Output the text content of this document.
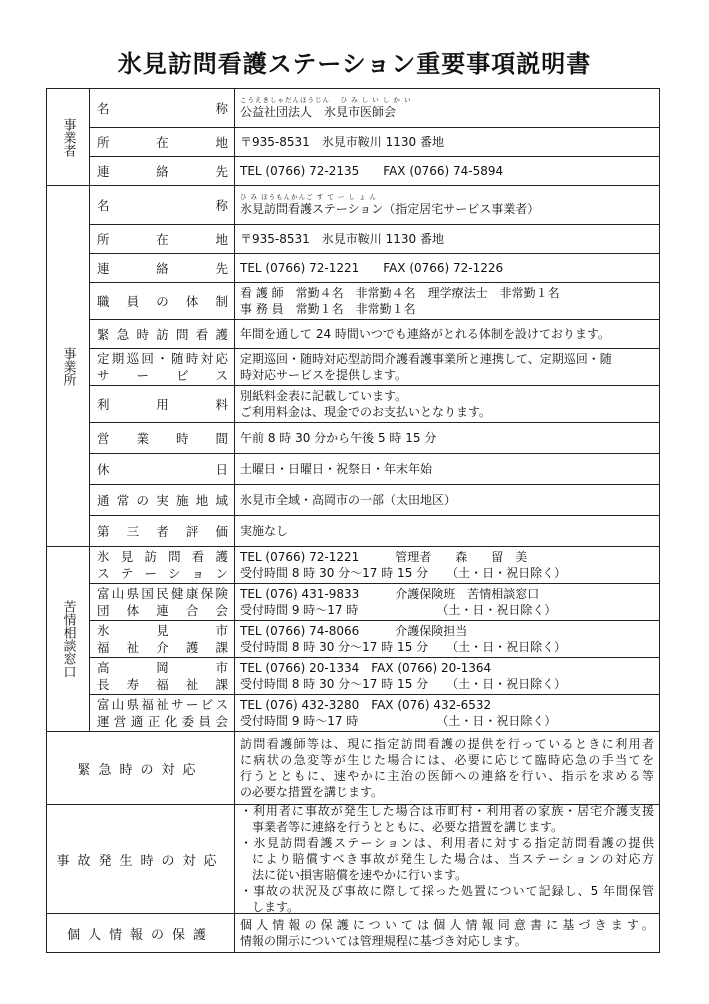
氷見訪問看護ステーション重要事項説明書
事業者
名　　　称
こうえきしゃだんほうじん　 ひ み し い し か い
公益社団法人　氷見市医師会
所　在　地 〒935-8531　氷見市鞍川 1130 番地
連　絡　先 TEL (0766) 72-2135　　FAX (0766) 74-5894
事業所
名　　　称
ひ み ほうもんかんご す て ー し ょ ん
氷見訪問看護ステーション（指定居宅サービス事業者）
所　在　地 〒935-8531　氷見市鞍川 1130 番地
連　絡　先 TEL (0766) 72-1221　　FAX (0766) 72-1226
職員の体制
看 護 師　常勤４名　非常勤４名　理学療法士　非常勤１名
事 務 員　常勤１名　非常勤１名
緊急時訪問看護 年間を通して 24 時間いつでも連絡がとれる体制を設けております。
定期巡回・随時対応
サービス
定期巡回・随時対応型訪問介護看護事業所と連携して、定期巡回・随
時対応サービスを提供します。
利　用　料
別紙料金表に記載しています。
ご利用料金は、現金でのお支払いとなります。
営業時間 午前 8 時 30 分から午後 5 時 15 分
休　　　日 土曜日・日曜日・祝祭日・年末年始
通常の実施地域 氷見市全域・高岡市の一部（太田地区）
第三者評価 実施なし
苦情相談窓口
氷見訪問看護
ステーション
TEL (0766) 72-1221　　　管理者　　森　　留　美
受付時間 8 時 30 分～17 時 15 分　　（土・日・祝日除く）
富山県国民健康保険
団体連合会
TEL (076) 431-9833　　　介護保険班　苦情相談窓口
受付時間 9 時～17 時　　　　　　　（土・日・祝日除く）
氷見市
福祉介護課
TEL (0766) 74-8066　　　介護保険担当
受付時間 8 時 30 分～17 時 15 分　　（土・日・祝日除く）
高岡市
長寿福祉課
TEL (0766) 20-1334　FAX (0766) 20-1364
受付時間 8 時 30 分～17 時 15 分　　（土・日・祝日除く）
富山県福祉サービス
運営適正化委員会
TEL (076) 432-3280　FAX (076) 432-6532
受付時間 9 時～17 時　　　　　　　（土・日・祝日除く）
緊急時の対応
訪問看護師等は、現に指定訪問看護の提供を行っているときに利用者
に病状の急変等が生じた場合には、必要に応じて臨時応急の手当てを
行うとともに、速やかに主治の医師への連絡を行い、指示を求める等
の必要な措置を講じます。
事故発生時の対応
・利用者に事故が発生した場合は市町村・利用者の家族・居宅介護支援
事業者等に連絡を行うとともに、必要な措置を講じます。
・氷見訪問看護ステーションは、利用者に対する指定訪問看護の提供
により賠償すべき事故が発生した場合は、当ステーションの対応方
法に従い損害賠償を速やかに行います。
・事故の状況及び事故に際して採った処置について記録し、5 年間保管
します。
個人情報の保護
個人情報の保護については個人情報同意書に基づきます。
情報の開示については管理規程に基づき対応します。
